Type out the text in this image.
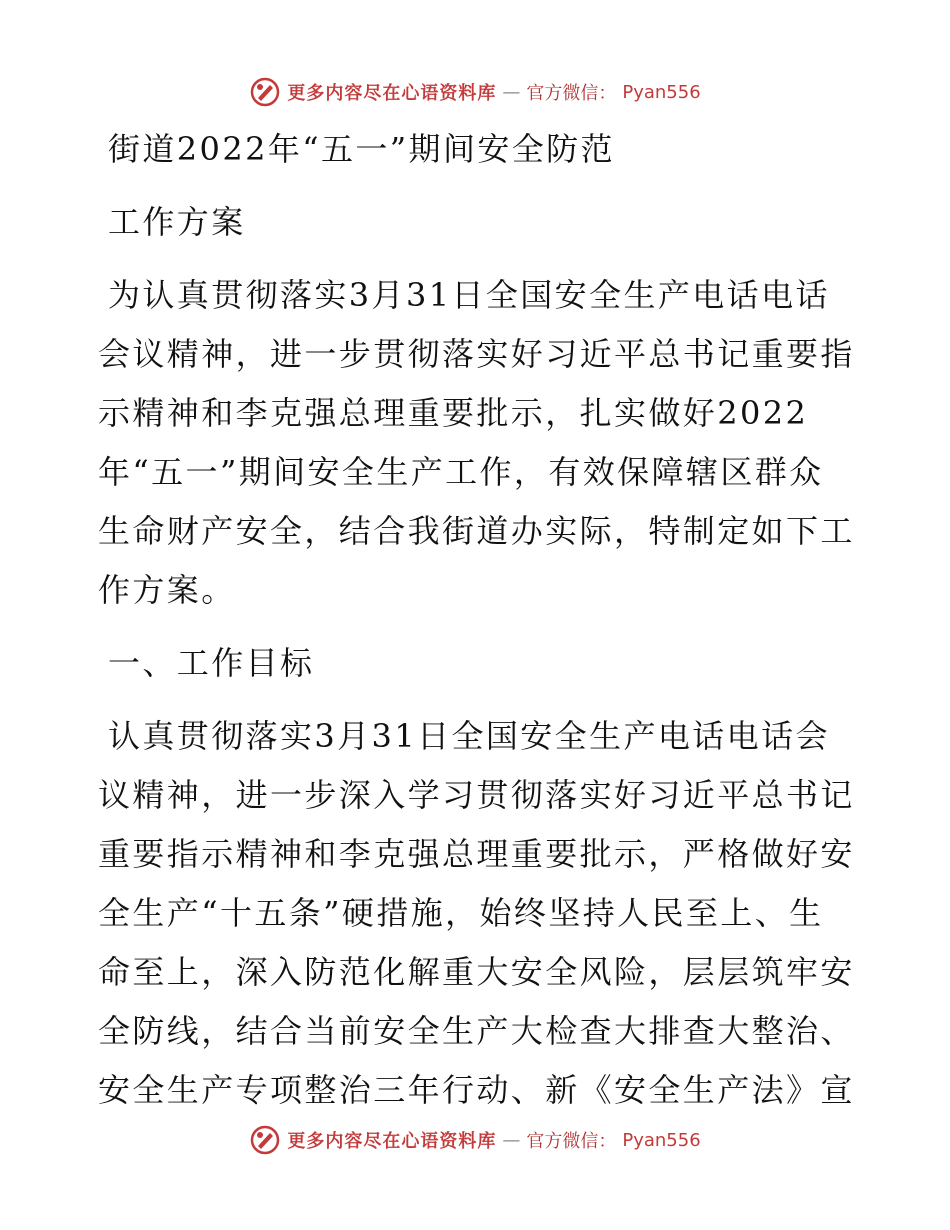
更多内容尽在心语资料库 — 官方微信： Pyan556
街道2022年“五一”期间安全防范
工作方案
为认真贯彻落实3月31日全国安全生产电话电话
会议精神，进一步贯彻落实好习近平总书记重要指
示精神和李克强总理重要批示，扎实做好2022
年“五一”期间安全生产工作，有效保障辖区群众
生命财产安全，结合我街道办实际，特制定如下工
作方案。
一、工作目标
认真贯彻落实3月31日全国安全生产电话电话会
议精神，进一步深入学习贯彻落实好习近平总书记
重要指示精神和李克强总理重要批示，严格做好安
全生产“十五条”硬措施，始终坚持人民至上、生
命至上，深入防范化解重大安全风险，层层筑牢安
全防线，结合当前安全生产大检查大排查大整治、
安全生产专项整治三年行动、新《安全生产法》宣
更多内容尽在心语资料库 — 官方微信： Pyan556
